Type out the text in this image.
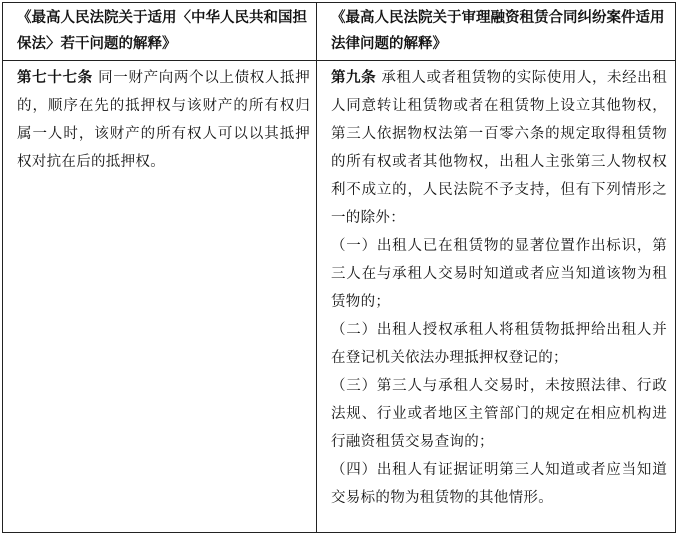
《最高人民法院关于适用〈中华人民共和国担保法〉若干问题的解释》	《最高人民法院关于审理融资租赁合同纠纷案件适用法律问题的解释》

第七十七条 同一财产向两个以上债权人抵押的，顺序在先的抵押权与该财产的所有权归属一人时，该财产的所有权人可以以其抵押权对抗在后的抵押权。	第九条 承租人或者租赁物的实际使用人，未经出租人同意转让租赁物或者在租赁物上设立其他物权，第三人依据物权法第一百零六条的规定取得租赁物的所有权或者其他物权，出租人主张第三人物权权利不成立的，人民法院不予支持，但有下列情形之一的除外：

（一）出租人已在租赁物的显著位置作出标识，第三人在与承租人交易时知道或者应当知道该物为租赁物的；

（二）出租人授权承租人将租赁物抵押给出租人并在登记机关依法办理抵押权登记的；

（三）第三人与承租人交易时，未按照法律、行政法规、行业或者地区主管部门的规定在相应机构进行融资租赁交易查询的；

（四）出租人有证据证明第三人知道或者应当知道交易标的物为租赁物的其他情形。
